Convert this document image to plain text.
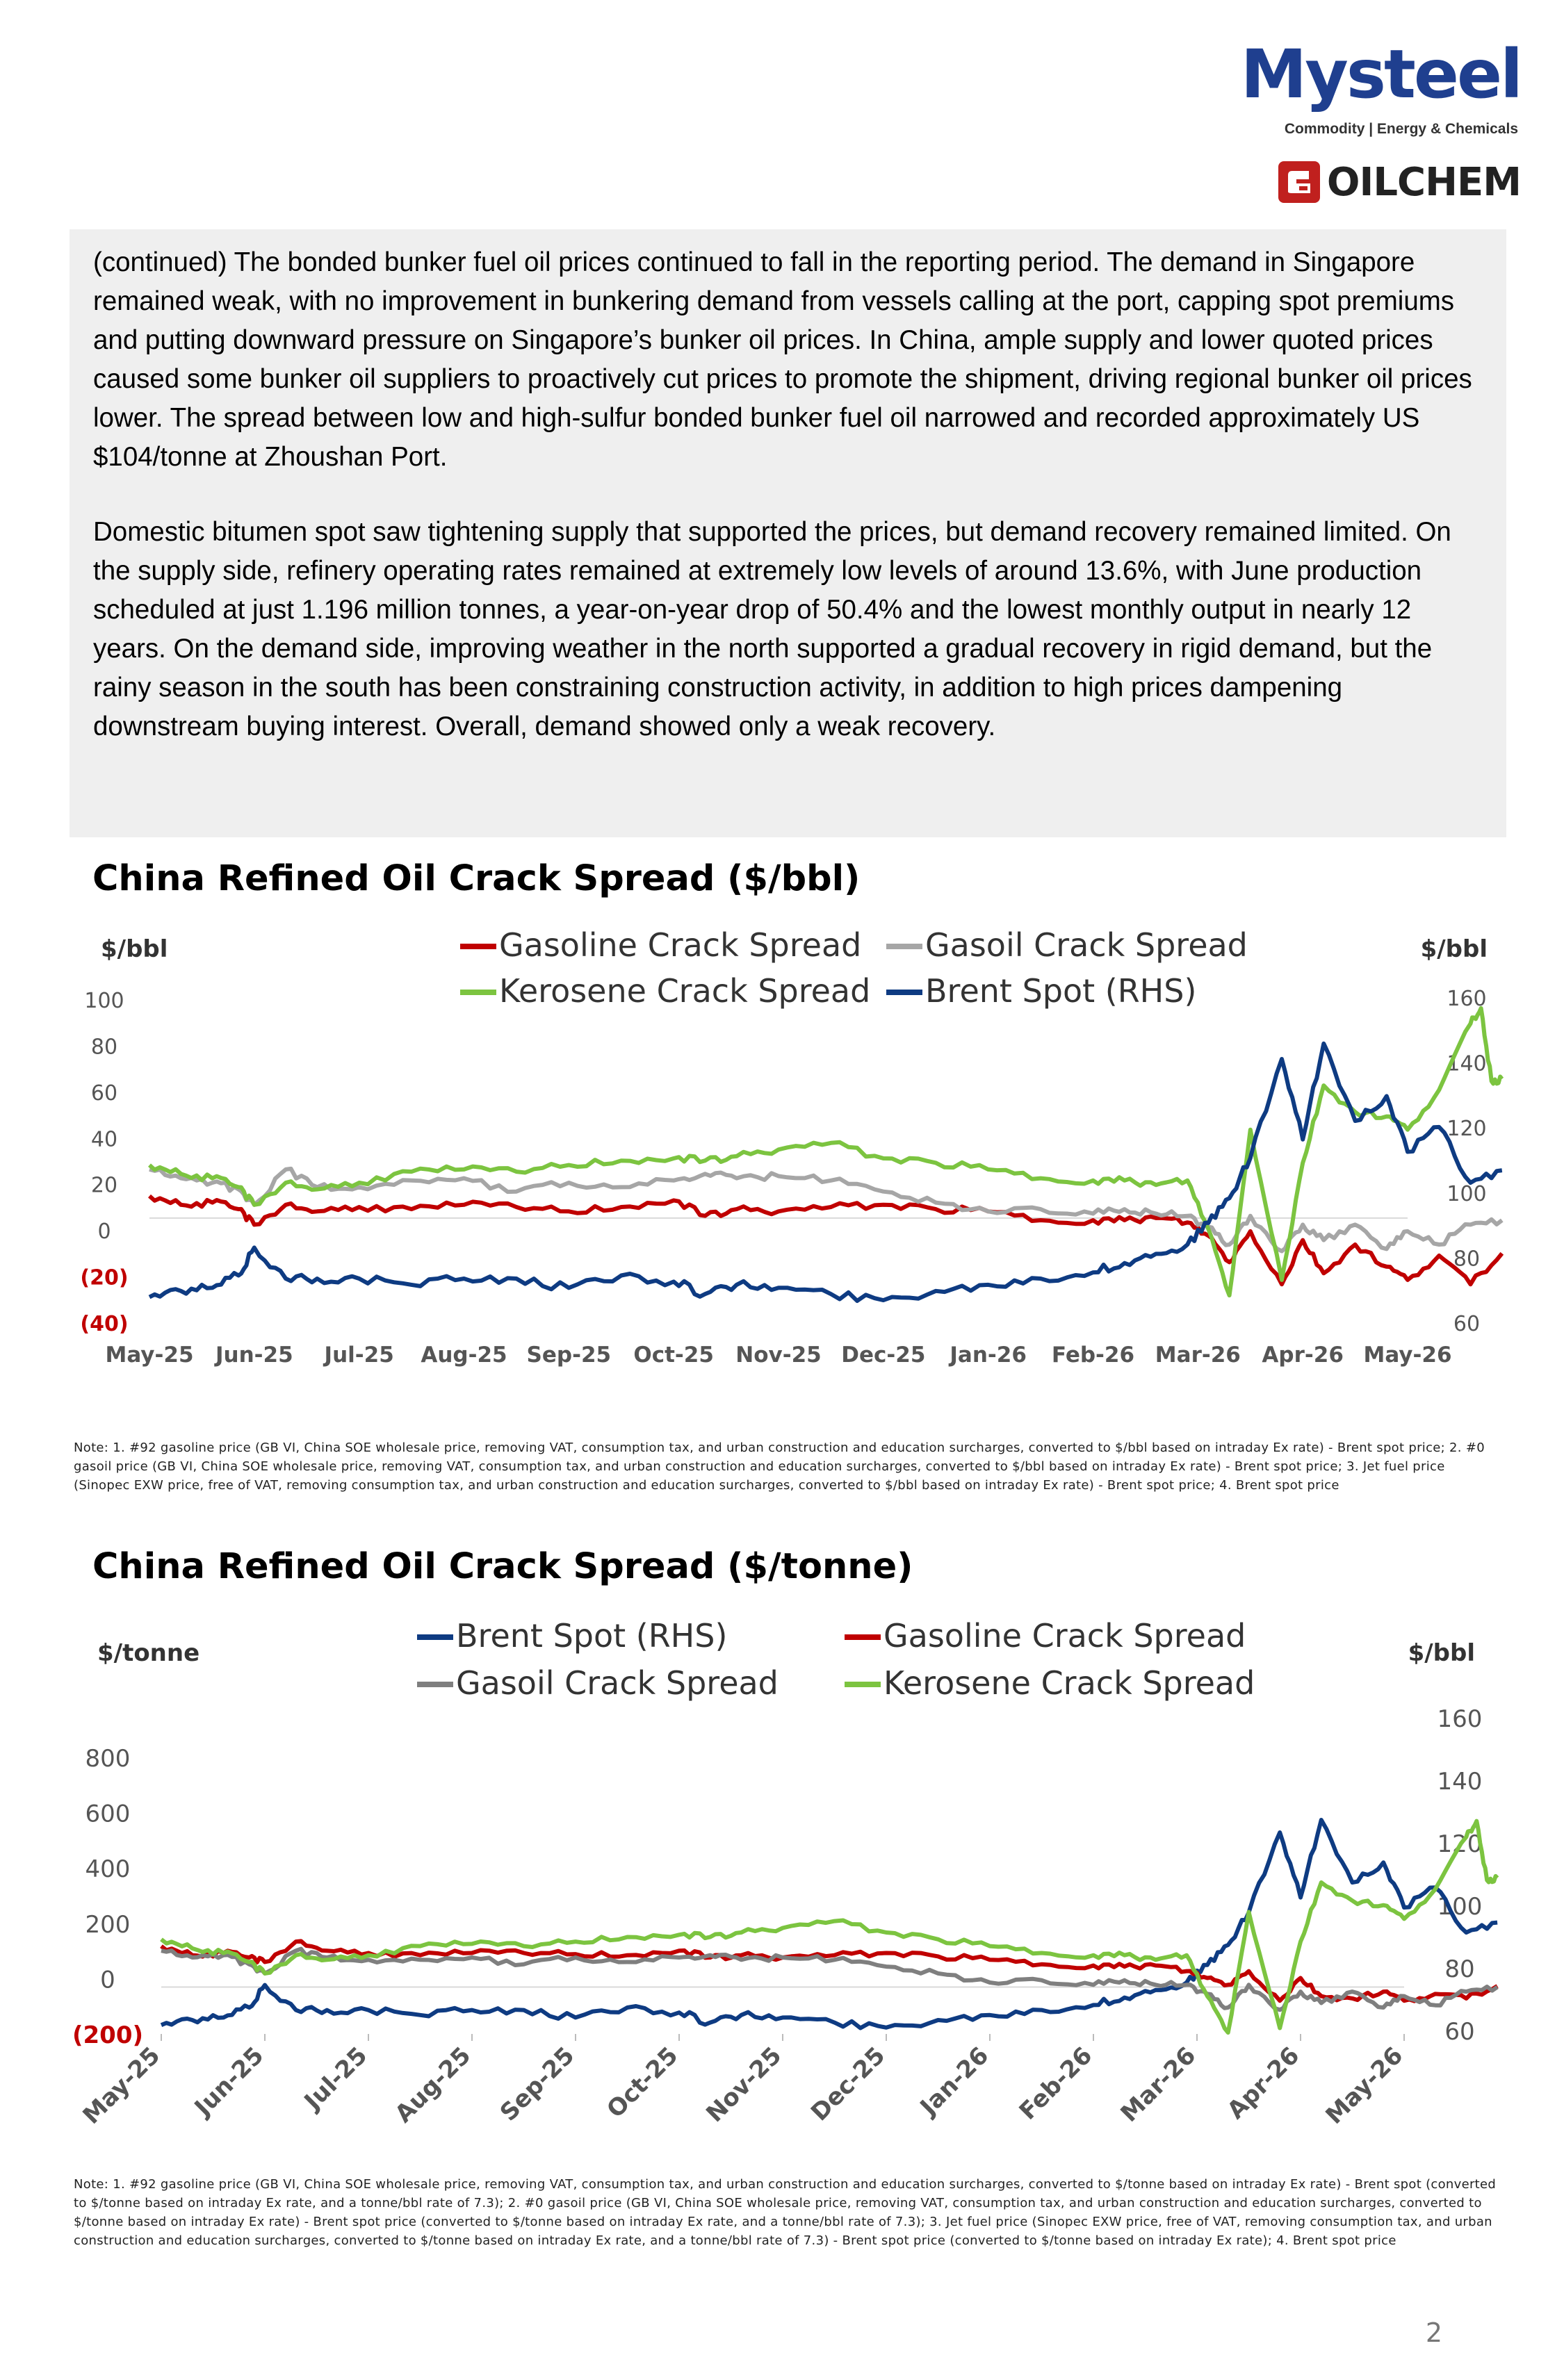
Mysteel
Commodity | Energy & Chemicals
OILCHEM

(continued) The bonded bunker fuel oil prices continued to fall in the reporting period. The demand in Singapore remained weak, with no improvement in bunkering demand from vessels calling at the port, capping spot premiums and putting downward pressure on Singapore’s bunker oil prices. In China, ample supply and lower quoted prices caused some bunker oil suppliers to proactively cut prices to promote the shipment, driving regional bunker oil prices lower. The spread between low and high-sulfur bonded bunker fuel oil narrowed and recorded approximately US $104/tonne at Zhoushan Port.

Domestic bitumen spot saw tightening supply that supported the prices, but demand recovery remained limited. On the supply side, refinery operating rates remained at extremely low levels of around 13.6%, with June production scheduled at just 1.196 million tonnes, a year-on-year drop of 50.4% and the lowest monthly output in nearly 12 years. On the demand side, improving weather in the north supported a gradual recovery in rigid demand, but the rainy season in the south has been constraining construction activity, in addition to high prices dampening downstream buying interest. Overall, demand showed only a weak recovery.

China Refined Oil Crack Spread ($/bbl)
$/bbl	$/bbl
100
80
60
40
20
0
(20)
(40)
160
140
120
100
80
60
May-25 Jun-25 Jul-25 Aug-25 Sep-25 Oct-25 Nov-25 Dec-25 Jan-26 Feb-26 Mar-26 Apr-26 May-26
Gasoline Crack Spread Gasoil Crack Spread
Kerosene Crack Spread Brent Spot (RHS)
Note: 1. #92 gasoline price (GB VI, China SOE wholesale price, removing VAT, consumption tax, and urban construction and education surcharges, converted to $/bbl based on intraday Ex rate) - Brent spot price; 2. #0 gasoil price (GB VI, China SOE wholesale price, removing VAT, consumption tax, and urban construction and education surcharges, converted to $/bbl based on intraday Ex rate) - Brent spot price; 3. Jet fuel price (Sinopec EXW price, free of VAT, removing consumption tax, and urban construction and education surcharges, converted to $/bbl based on intraday Ex rate) - Brent spot price; 4. Brent spot price
China Refined Oil Crack Spread ($/tonne)
$/tonne	$/bbl
800
600
400
200
0
(200)
160
140
120
100
80
60
May-25 Jun-25 Jul-25 Aug-25 Sep-25 Oct-25 Nov-25 Dec-25 Jan-26 Feb-26 Mar-26 Apr-26 May-26
Brent Spot (RHS)	Gasoline Crack Spread
Gasoil Crack Spread	Kerosene Crack Spread
Note: 1. #92 gasoline price (GB VI, China SOE wholesale price, removing VAT, consumption tax, and urban construction and education surcharges, converted to $/tonne based on intraday Ex rate) - Brent spot (converted to $/tonne based on intraday Ex rate, and a tonne/bbl rate of 7.3); 2. #0 gasoil price (GB VI, China SOE wholesale price, removing VAT, consumption tax, and urban construction and education surcharges, converted to $/tonne based on intraday Ex rate) - Brent spot price (converted to $/tonne based on intraday Ex rate, and a tonne/bbl rate of 7.3); 3. Jet fuel price (Sinopec EXW price, free of VAT, removing consumption tax, and urban construction and education surcharges, converted to $/tonne based on intraday Ex rate, and a tonne/bbl rate of 7.3) - Brent spot price (converted to $/tonne based on intraday Ex rate); 4. Brent spot price
2
